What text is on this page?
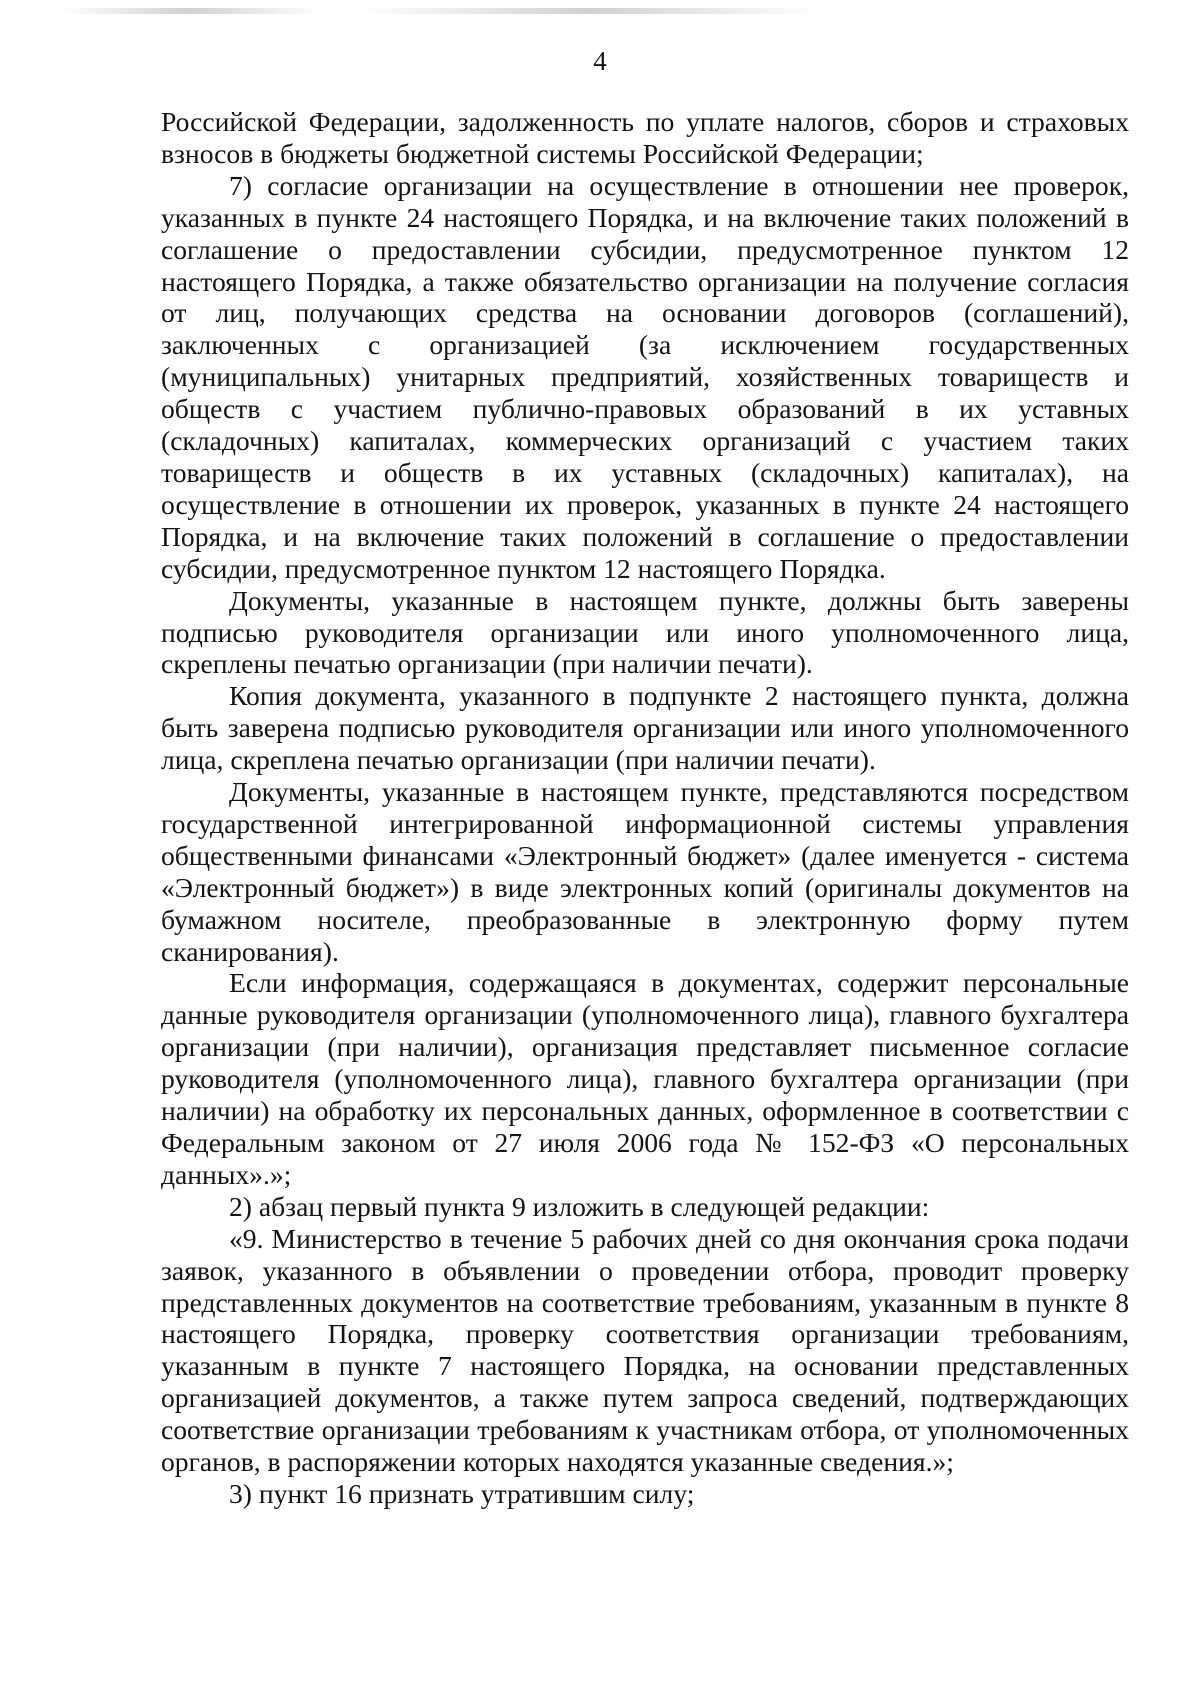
4

Российской Федерации, задолженность по уплате налогов, сборов и страховых взносов в бюджеты бюджетной системы Российской Федерации;

7) согласие организации на осуществление в отношении нее проверок, указанных в пункте 24 настоящего Порядка, и на включение таких положений в соглашение о предоставлении субсидии, предусмотренное пунктом 12 настоящего Порядка, а также обязательство организации на получение согласия от лиц, получающих средства на основании договоров (соглашений), заключенных с организацией (за исключением государственных (муниципальных) унитарных предприятий, хозяйственных товариществ и обществ с участием публично-правовых образований в их уставных (складочных) капиталах, коммерческих организаций с участием таких товариществ и обществ в их уставных (складочных) капиталах), на осуществление в отношении их проверок, указанных в пункте 24 настоящего Порядка, и на включение таких положений в соглашение о предоставлении субсидии, предусмотренное пунктом 12 настоящего Порядка.

Документы, указанные в настоящем пункте, должны быть заверены подписью руководителя организации или иного уполномоченного лица, скреплены печатью организации (при наличии печати).

Копия документа, указанного в подпункте 2 настоящего пункта, должна быть заверена подписью руководителя организации или иного уполномоченного лица, скреплена печатью организации (при наличии печати).

Документы, указанные в настоящем пункте, представляются посредством государственной интегрированной информационной системы управления общественными финансами «Электронный бюджет» (далее именуется - система «Электронный бюджет») в виде электронных копий (оригиналы документов на бумажном носителе, преобразованные в электронную форму путем сканирования).

Если информация, содержащаяся в документах, содержит персональные данные руководителя организации (уполномоченного лица), главного бухгалтера организации (при наличии), организация представляет письменное согласие руководителя (уполномоченного лица), главного бухгалтера организации (при наличии) на обработку их персональных данных, оформленное в соответствии с Федеральным законом от 27 июля 2006 года № 152-ФЗ «О персональных данных».»;

2) абзац первый пункта 9 изложить в следующей редакции:

«9. Министерство в течение 5 рабочих дней со дня окончания срока подачи заявок, указанного в объявлении о проведении отбора, проводит проверку представленных документов на соответствие требованиям, указанным в пункте 8 настоящего Порядка, проверку соответствия организации требованиям, указанным в пункте 7 настоящего Порядка, на основании представленных организацией документов, а также путем запроса сведений, подтверждающих соответствие организации требованиям к участникам отбора, от уполномоченных органов, в распоряжении которых находятся указанные сведения.»;

3) пункт 16 признать утратившим силу;
